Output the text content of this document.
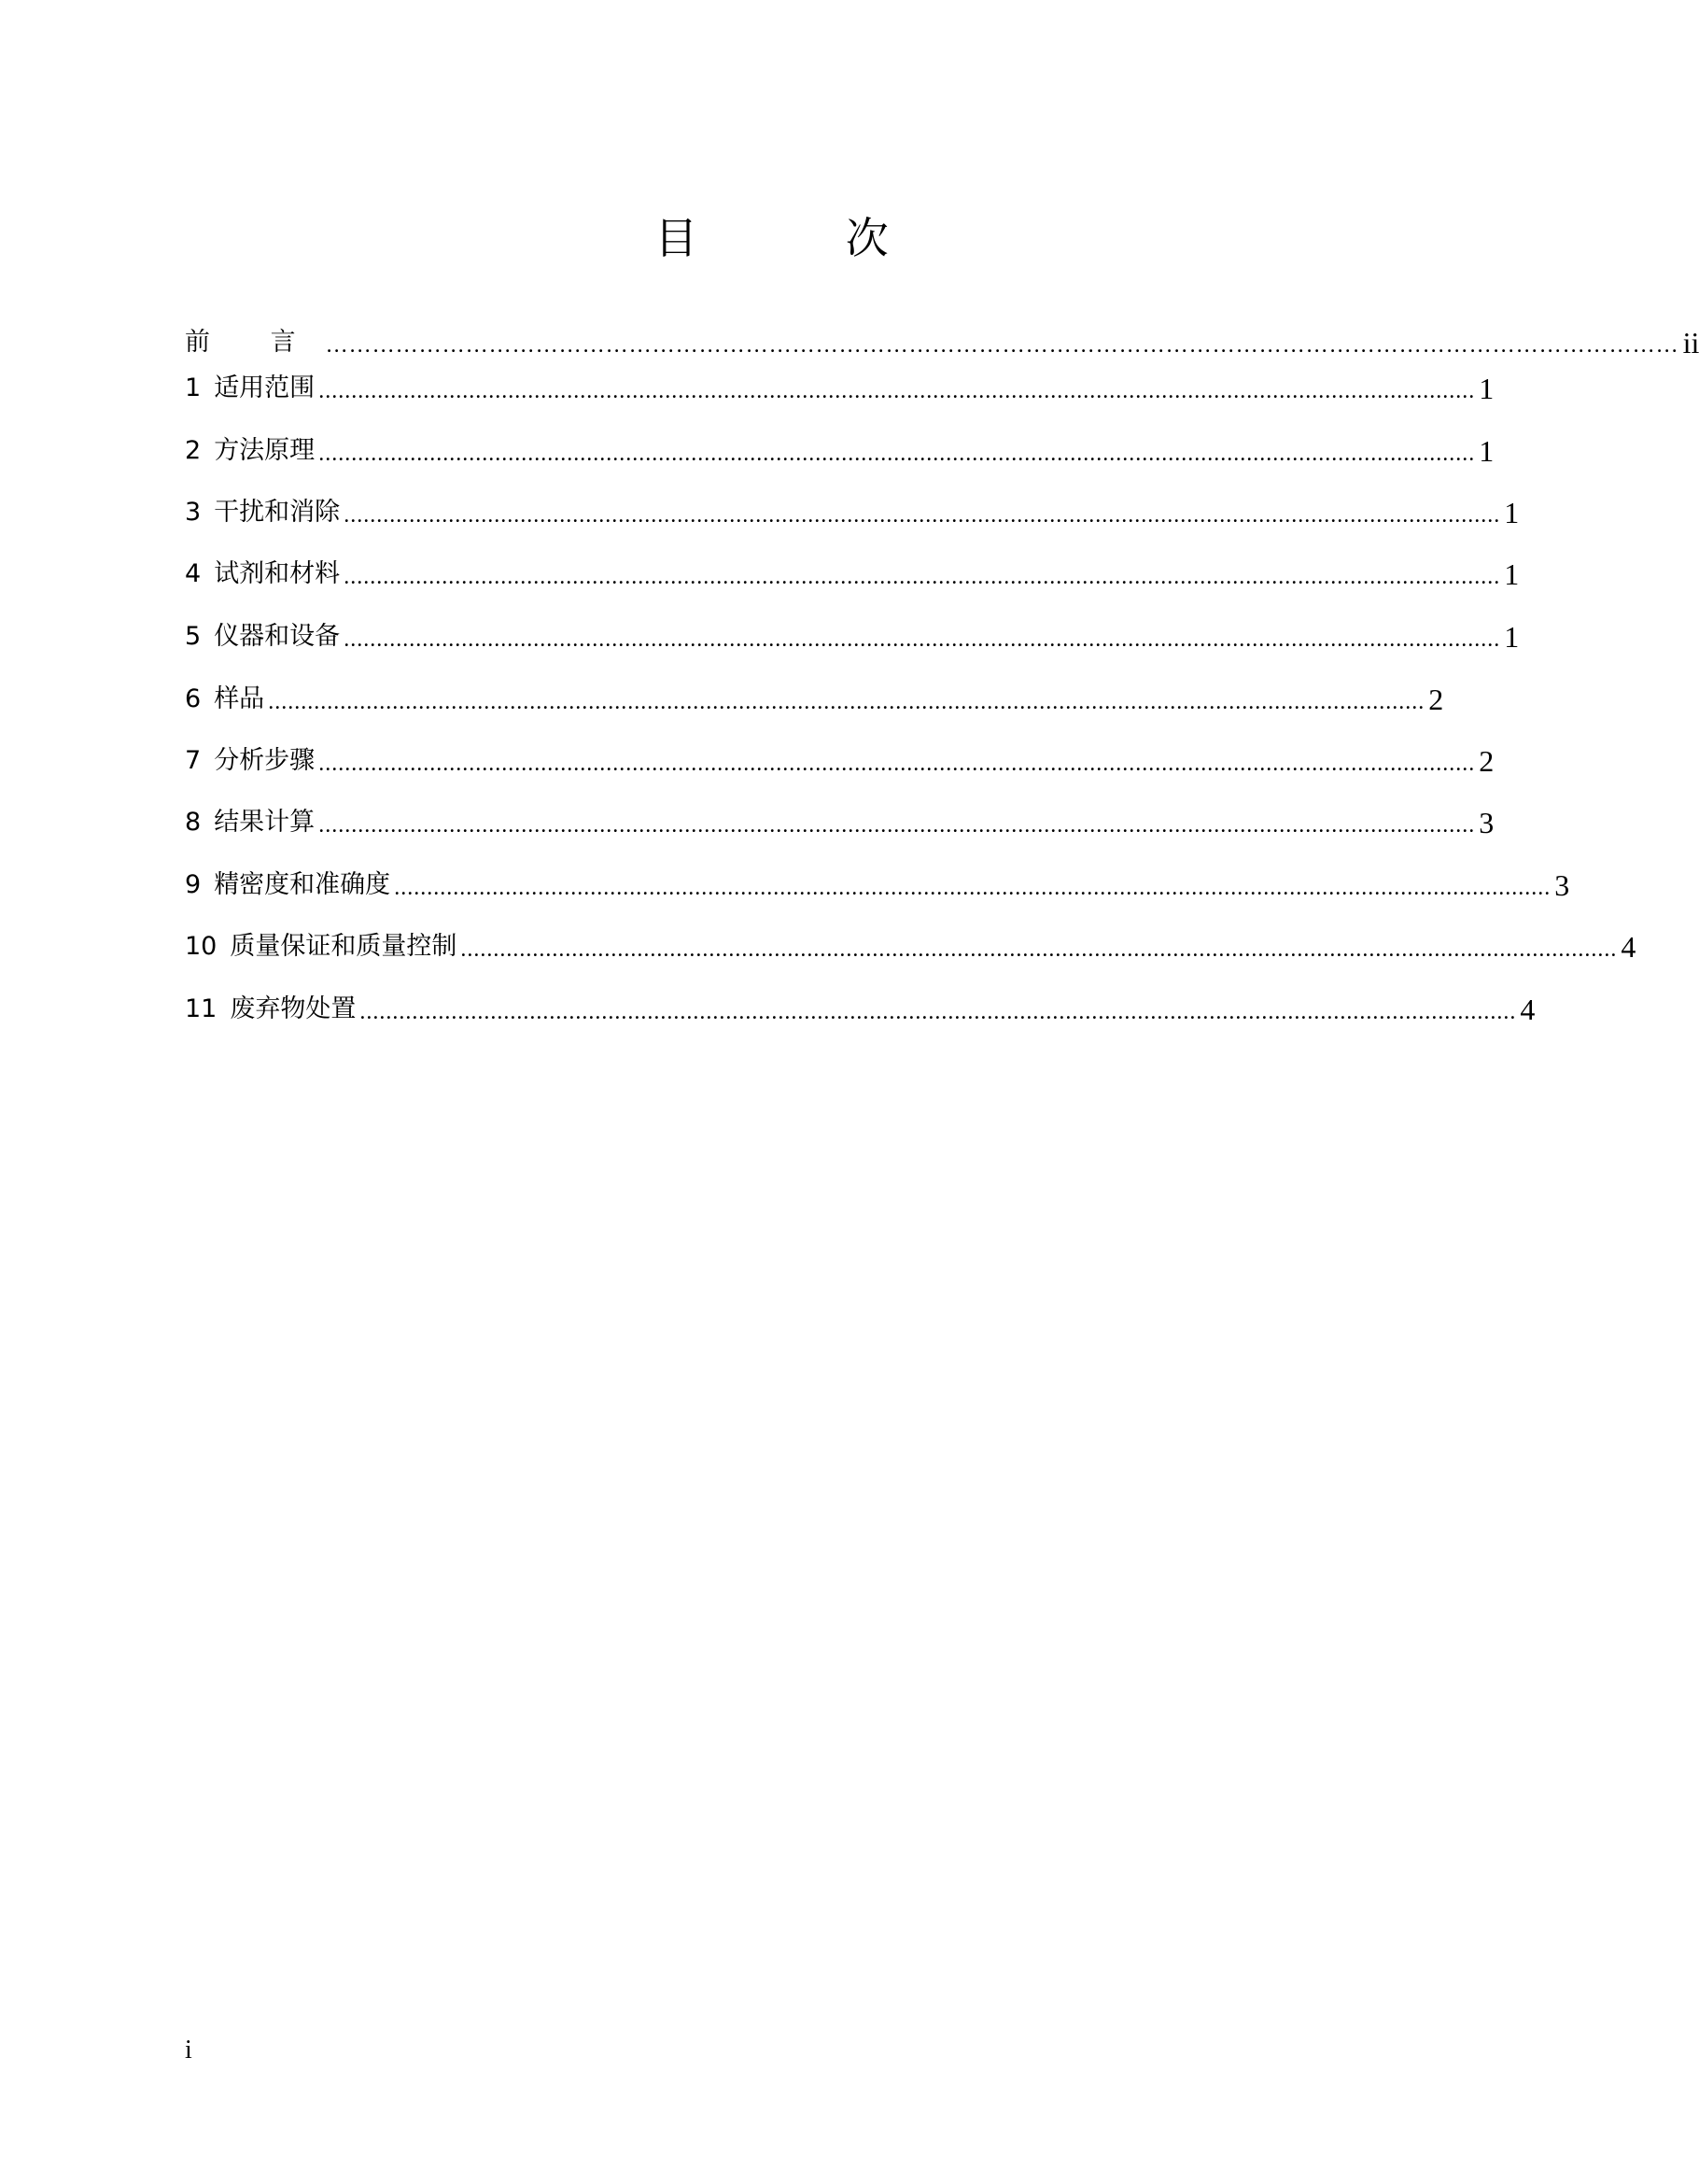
目 次
前 言 ………………………………………………………………………………………………………………………………………………………… ii
1 适用范围 ................................................................................................................................................................................. 1
2 方法原理 ................................................................................................................................................................................. 1
3 干扰和消除 ................................................................................................................................................................................. 1
4 试剂和材料 ................................................................................................................................................................................. 1
5 仪器和设备 ................................................................................................................................................................................. 1
6 样品 ................................................................................................................................................................................. 2
7 分析步骤 ................................................................................................................................................................................. 2
8 结果计算 ................................................................................................................................................................................. 3
9 精密度和准确度 ................................................................................................................................................................................. 3
10 质量保证和质量控制 ................................................................................................................................................................................. 4
11 废弃物处置 ................................................................................................................................................................................. 4
i
